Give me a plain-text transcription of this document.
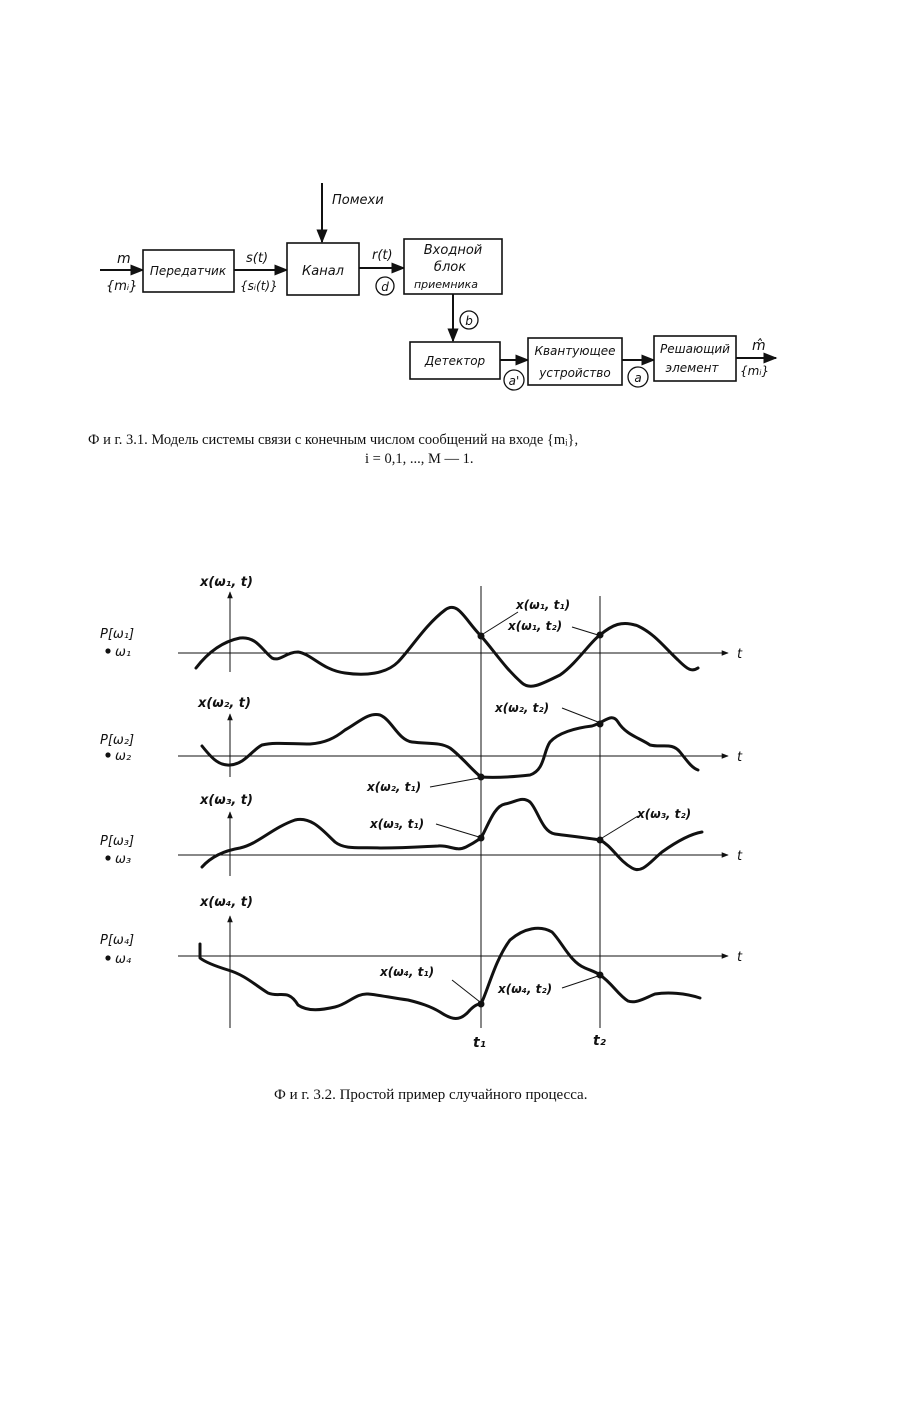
Помехи
m
{mᵢ}
Передатчик
s(t)
{sᵢ(t)}
Канал
r(t)
d
Входной
блок
приемника
b
Детектор
a'
Квантующее
устройство a
Решающий
элемент
m̂
{mᵢ}
Ф и г. 3.1. Модель системы связи с конечным числом сообщений на входе {mᵢ},
i = 0,1, ..., M — 1.
t₁	t₂
t
x(ω₁, t)
P[ω₁]
ω₁
x(ω₁, t₁)
x(ω₁, t₂)
t
x(ω₂, t)
P[ω₂]
ω₂
x(ω₂, t₁)
x(ω₂, t₂)
t
x(ω₃, t)
P[ω₃]
ω₃
x(ω₃, t₁)
x(ω₃, t₂)
t
x(ω₄, t)
P[ω₄]
ω₄
x(ω₄, t₁)
x(ω₄, t₂)
Ф и г. 3.2. Простой пример случайного процесса.
